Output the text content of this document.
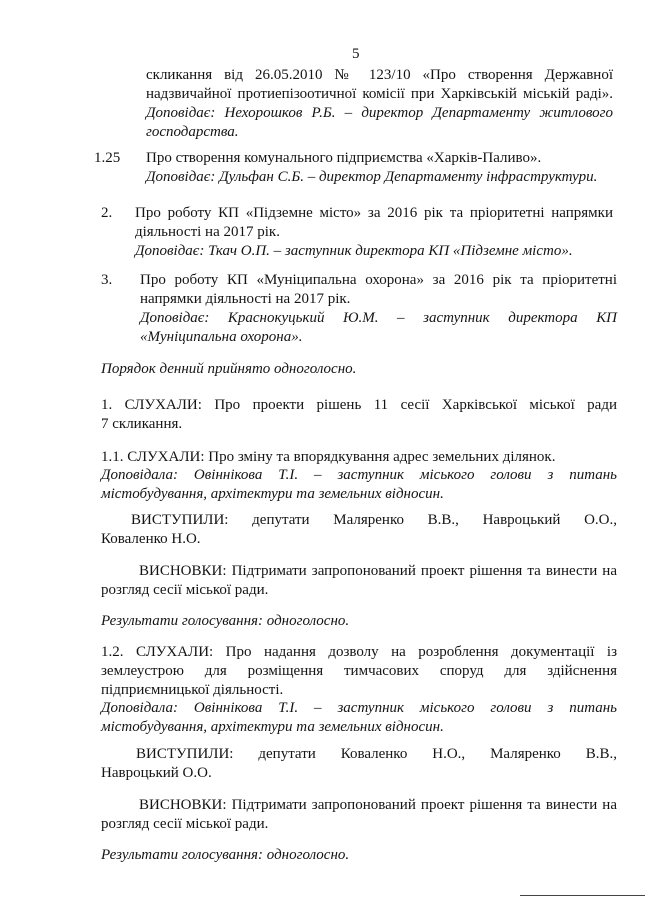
5
скликання від 26.05.2010 № 123/10 «Про створення Державної
надзвичайної протиепізоотичної комісії при Харківській міській раді».
Доповідає: Нехорошков Р.Б. – директор Департаменту житлового
господарства.
1.25 Про створення комунального підприємства «Харків-Паливо».
Доповідає: Дульфан С.Б. – директор Департаменту інфраструктури.
2. Про роботу КП «Підземне місто» за 2016 рік та пріоритетні напрямки
діяльності на 2017 рік.
Доповідає: Ткач О.П. – заступник директора КП «Підземне місто».
3. Про роботу КП «Муніципальна охорона» за 2016 рік та пріоритетні
напрямки діяльності на 2017 рік.
Доповідає: Краснокуцький Ю.М. – заступник директора КП
«Муніципальна охорона».
Порядок денний прийнято одноголосно.
1. СЛУХАЛИ: Про проекти рішень 11 сесії Харківської міської ради
7 скликання.
1.1. СЛУХАЛИ: Про зміну та впорядкування адрес земельних ділянок.
Доповідала: Овіннікова Т.І. – заступник міського голови з питань
містобудування, архітектури та земельних відносин.
ВИСТУПИЛИ: депутати Маляренко В.В., Навроцький О.О.,
Коваленко Н.О.
ВИСНОВКИ: Підтримати запропонований проект рішення та винести на
розгляд сесії міської ради.
Результати голосування: одноголосно.
1.2. СЛУХАЛИ: Про надання дозволу на розроблення документації із
землеустрою для розміщення тимчасових споруд для здійснення
підприємницької діяльності.
Доповідала: Овіннікова Т.І. – заступник міського голови з питань
містобудування, архітектури та земельних відносин.
ВИСТУПИЛИ: депутати Коваленко Н.О., Маляренко В.В.,
Навроцький О.О.
ВИСНОВКИ: Підтримати запропонований проект рішення та винести на
розгляд сесії міської ради.
Результати голосування: одноголосно.
